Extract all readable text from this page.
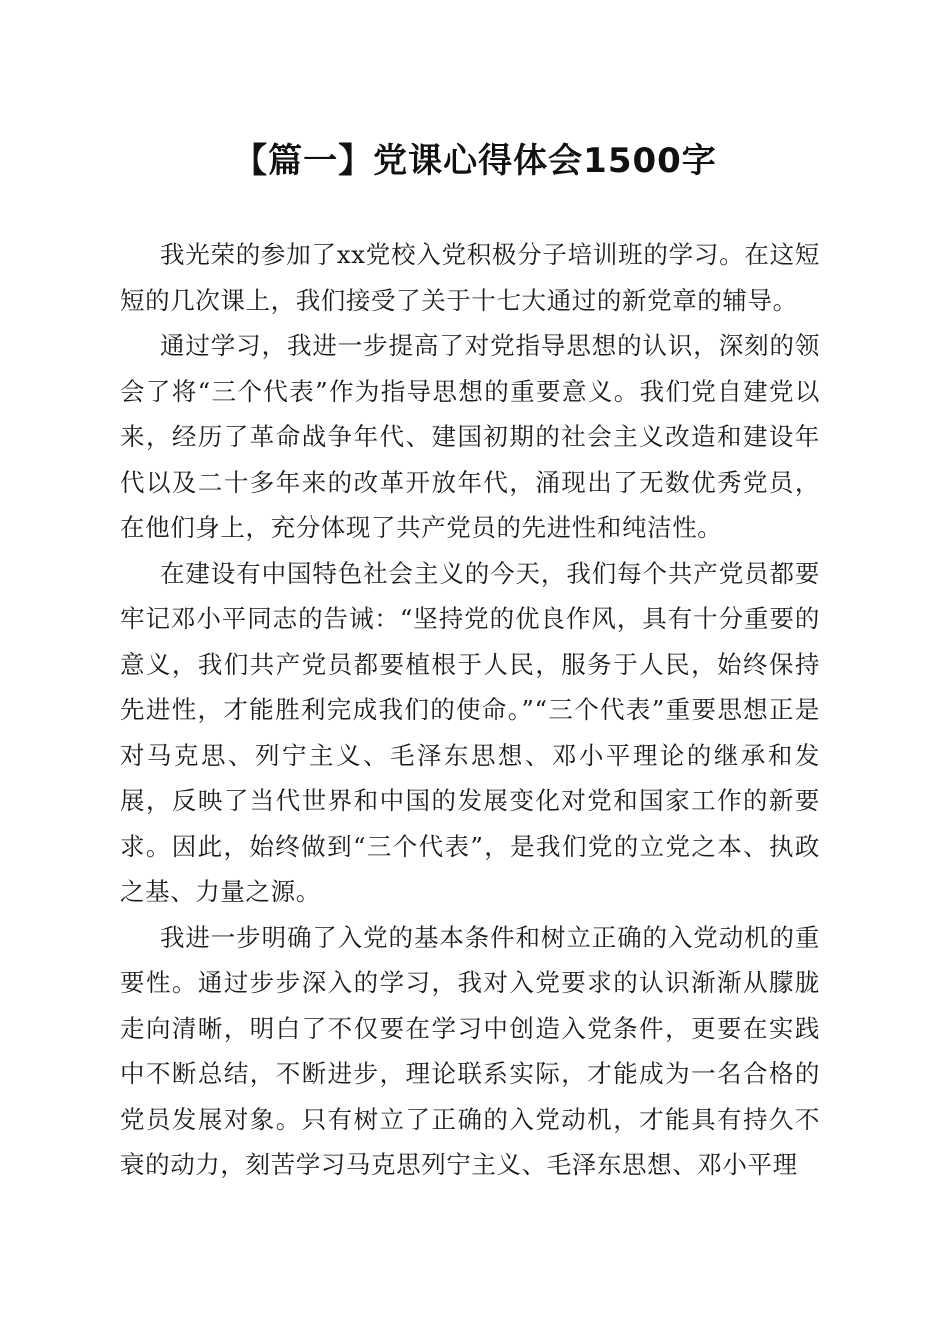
【篇一】党课心得体会1500字

我光荣的参加了xx党校入党积极分子培训班的学习。在这短短的几次课上，我们接受了关于十七大通过的新党章的辅导。

通过学习，我进一步提高了对党指导思想的认识，深刻的领会了将“三个代表”作为指导思想的重要意义。我们党自建党以来，经历了革命战争年代、建国初期的社会主义改造和建设年代以及二十多年来的改革开放年代，涌现出了无数优秀党员，在他们身上，充分体现了共产党员的先进性和纯洁性。

在建设有中国特色社会主义的今天，我们每个共产党员都要牢记邓小平同志的告诫：“坚持党的优良作风，具有十分重要的意义，我们共产党员都要植根于人民，服务于人民，始终保持先进性，才能胜利完成我们的使命。”“三个代表”重要思想正是对马克思、列宁主义、毛泽东思想、邓小平理论的继承和发展，反映了当代世界和中国的发展变化对党和国家工作的新要求。因此，始终做到“三个代表”，是我们党的立党之本、执政之基、力量之源。

我进一步明确了入党的基本条件和树立正确的入党动机的重要性。通过步步深入的学习，我对入党要求的认识渐渐从朦胧走向清晰，明白了不仅要在学习中创造入党条件，更要在实践中不断总结，不断进步，理论联系实际，才能成为一名合格的党员发展对象。只有树立了正确的入党动机，才能具有持久不衰的动力，刻苦学习马克思列宁主义、毛泽东思想、邓小平理
